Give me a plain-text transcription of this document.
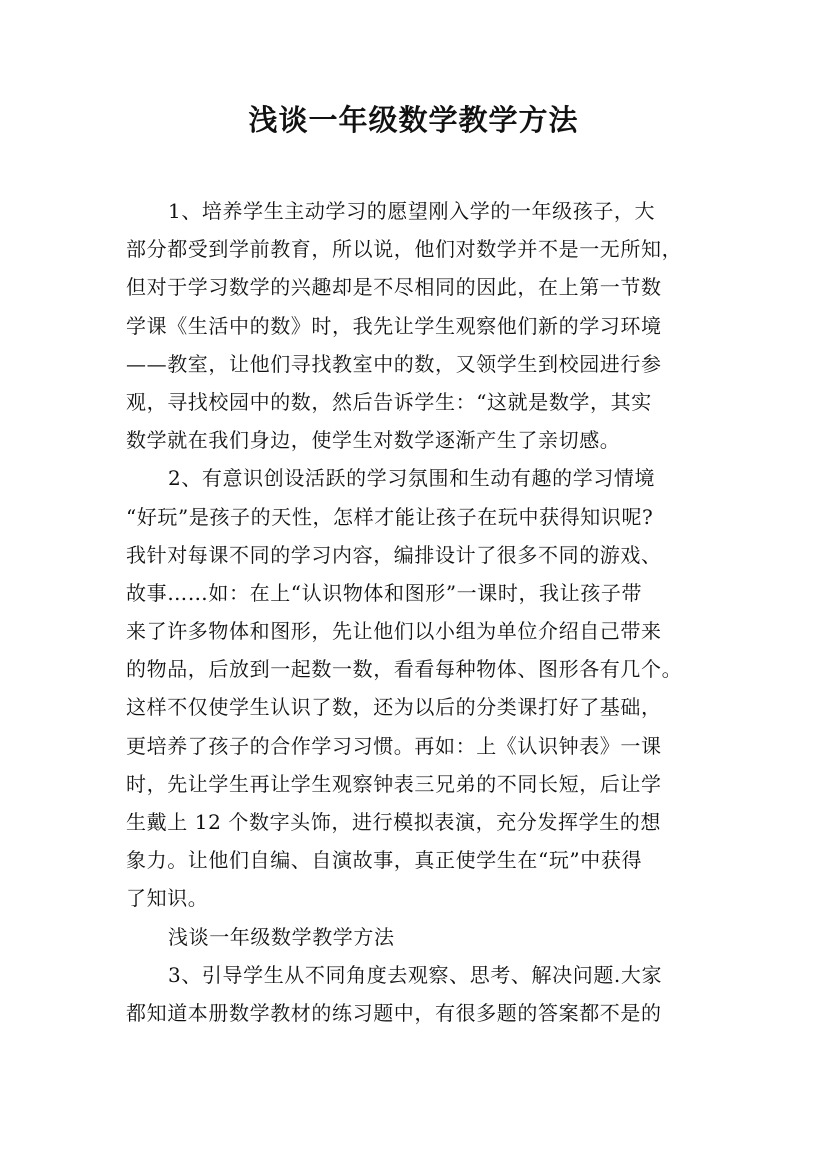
浅谈一年级数学教学方法
1、培养学生主动学习的愿望刚入学的一年级孩子，大
部分都受到学前教育，所以说，他们对数学并不是一无所知，
但对于学习数学的兴趣却是不尽相同的因此，在上第一节数
学课《生活中的数》时，我先让学生观察他们新的学习环境
——教室，让他们寻找教室中的数，又领学生到校园进行参
观，寻找校园中的数，然后告诉学生：“这就是数学，其实
数学就在我们身边，使学生对数学逐渐产生了亲切感。
2、有意识创设活跃的学习氛围和生动有趣的学习情境
“好玩”是孩子的天性，怎样才能让孩子在玩中获得知识呢?
我针对每课不同的学习内容，编排设计了很多不同的游戏、
故事……如：在上“认识物体和图形”一课时，我让孩子带
来了许多物体和图形，先让他们以小组为单位介绍自己带来
的物品，后放到一起数一数，看看每种物体、图形各有几个。
这样不仅使学生认识了数，还为以后的分类课打好了基础，
更培养了孩子的合作学习习惯。再如：上《认识钟表》一课
时，先让学生再让学生观察钟表三兄弟的不同长短，后让学
生戴上 12 个数字头饰，进行模拟表演，充分发挥学生的想
象力。让他们自编、自演故事，真正使学生在“玩”中获得
了知识。
浅谈一年级数学教学方法
3、引导学生从不同角度去观察、思考、解决问题.大家
都知道本册数学教材的练习题中，有很多题的答案都不是的
